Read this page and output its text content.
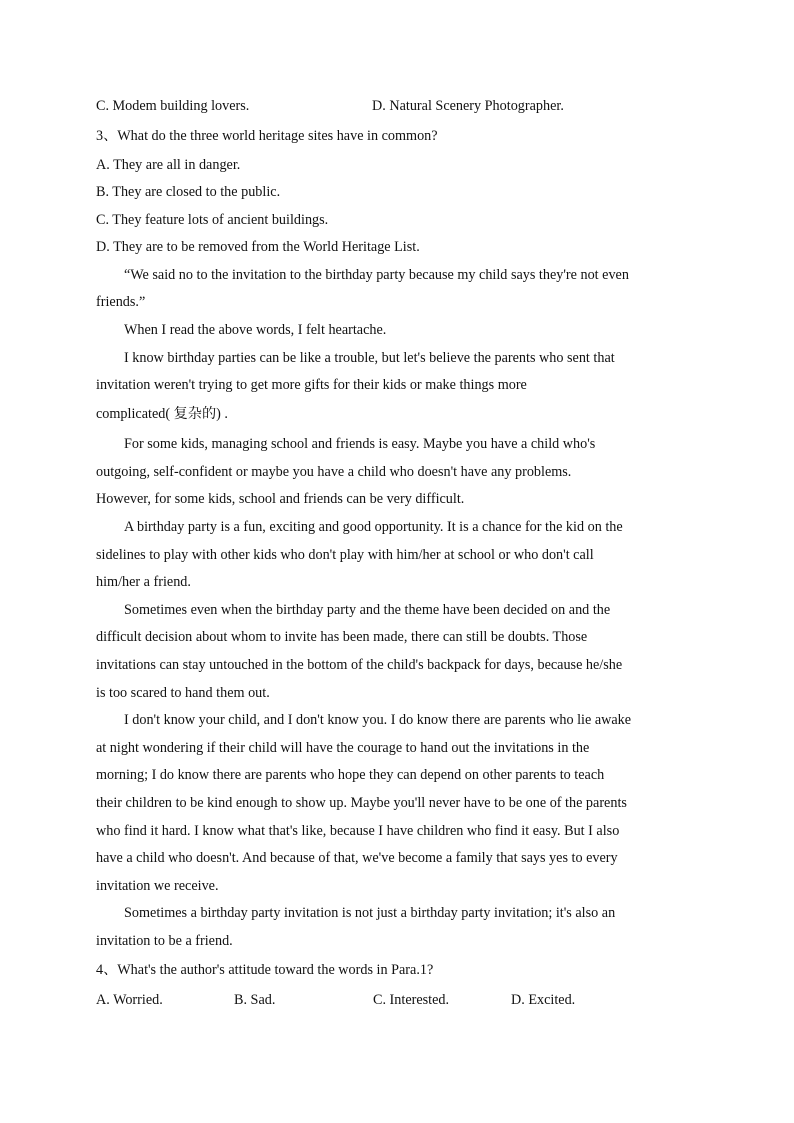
C. Modem building lovers.	D. Natural Scenery Photographer.
3、What do the three world heritage sites have in common?
A. They are all in danger.
B. They are closed to the public.
C. They feature lots of ancient buildings.
D. They are to be removed from the World Heritage List.
“We said no to the invitation to the birthday party because my child says they're not even
friends.”
When I read the above words, I felt heartache.
I know birthday parties can be like a trouble, but let's believe the parents who sent that
invitation weren't trying to get more gifts for their kids or make things more
complicated( 复杂的) .
For some kids, managing school and friends is easy. Maybe you have a child who's
outgoing, self-confident or maybe you have a child who doesn't have any problems.
However, for some kids, school and friends can be very difficult.
A birthday party is a fun, exciting and good opportunity. It is a chance for the kid on the
sidelines to play with other kids who don't play with him/her at school or who don't call
him/her a friend.
Sometimes even when the birthday party and the theme have been decided on and the
difficult decision about whom to invite has been made, there can still be doubts. Those
invitations can stay untouched in the bottom of the child's backpack for days, because he/she
is too scared to hand them out.
I don't know your child, and I don't know you. I do know there are parents who lie awake
at night wondering if their child will have the courage to hand out the invitations in the
morning; I do know there are parents who hope they can depend on other parents to teach
their children to be kind enough to show up. Maybe you'll never have to be one of the parents
who find it hard. I know what that's like, because I have children who find it easy. But I also
have a child who doesn't. And because of that, we've become a family that says yes to every
invitation we receive.
Sometimes a birthday party invitation is not just a birthday party invitation; it's also an
invitation to be a friend.
4、What's the author's attitude toward the words in Para.1?
A. Worried.	B. Sad.	C. Interested.	D. Excited.
